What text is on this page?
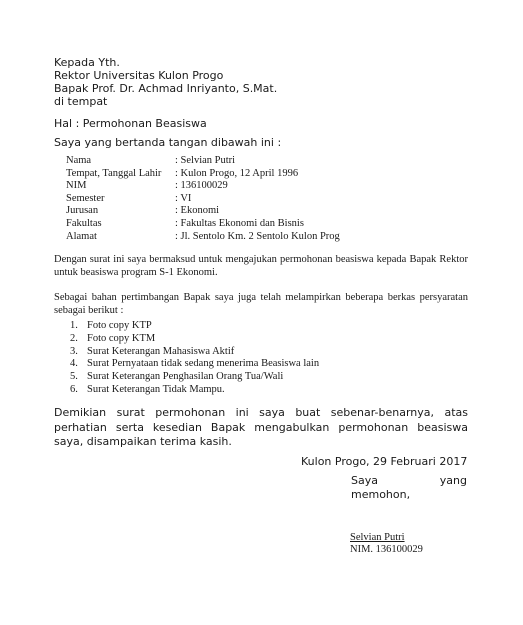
Kepada Yth.
Rektor Universitas Kulon Progo
Bapak Prof. Dr. Achmad Inriyanto, S.Mat.
di tempat
Hal : Permohonan Beasiswa
Saya yang bertanda tangan dibawah ini :
Nama	: Selvian Putri
Tempat, Tanggal Lahir	: Kulon Progo, 12 April 1996
NIM	: 136100029
Semester	: VI
Jurusan	: Ekonomi
Fakultas	: Fakultas Ekonomi dan Bisnis
Alamat	: Jl. Sentolo Km. 2 Sentolo Kulon Prog
Dengan surat ini saya bermaksud untuk mengajukan permohonan beasiswa kepada Bapak Rektor untuk beasiswa program S-1 Ekonomi.
Sebagai bahan pertimbangan Bapak saya juga telah melampirkan beberapa berkas persyaratan sebagai berikut :
1. Foto copy KTP
2. Foto copy KTM
3. Surat Keterangan Mahasiswa Aktif
4. Surat Pernyataan tidak sedang menerima Beasiswa lain
5. Surat Keterangan Penghasilan Orang Tua/Wali
6. Surat Keterangan Tidak Mampu.
Demikian surat permohonan ini saya buat sebenar-benarnya, atas
perhatian serta kesedian Bapak mengabulkan permohonan beasiswa
saya, disampaikan terima kasih.
Kulon Progo, 29 Februari 2017
Saya	yang
memohon,
Selvian Putri
NIM. 136100029
